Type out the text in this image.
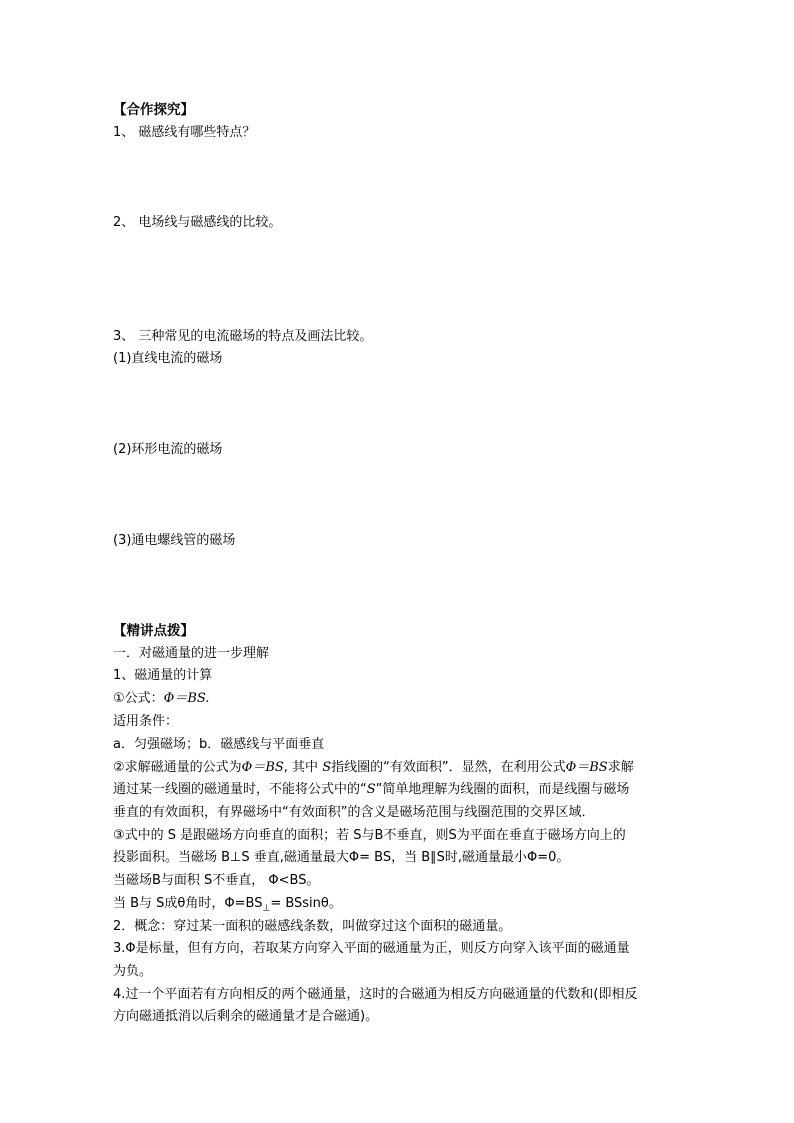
【合作探究】

1、 磁感线有哪些特点？

2、 电场线与磁感线的比较。

3、 三种常见的电流磁场的特点及画法比较。

(1)直线电流的磁场

(2)环形电流的磁场

(3)通电螺线管的磁场

【精讲点拨】

一．对磁通量的进一步理解

1、磁通量的计算

①公式：Φ＝BS.

适用条件：

a．匀强磁场；b．磁感线与平面垂直

②求解磁通量的公式为Φ＝BS, 其中 S指线圈的“有效面积”．显然，在利用公式Φ＝BS求解

通过某一线圈的磁通量时，不能将公式中的“S”简单地理解为线圈的面积，而是线圈与磁场

垂直的有效面积，有界磁场中“有效面积”的含义是磁场范围与线圈范围的交界区域．

③式中的 S 是跟磁场方向垂直的面积；若 S与B不垂直，则S为平面在垂直于磁场方向上的

投影面积。当磁场 B⊥S 垂直,磁通量最大Φ= BS，当 B∥S时,磁通量最小Φ=0。

当磁场B与面积 S不垂直， Φ<BS。

当 B与 S成θ角时，$\Phi=BS_\perp= BSsin\theta$。

2．概念：穿过某一面积的磁感线条数，叫做穿过这个面积的磁通量。

3.Φ是标量，但有方向，若取某方向穿入平面的磁通量为正，则反方向穿入该平面的磁通量

为负。

4.过一个平面若有方向相反的两个磁通量，这时的合磁通为相反方向磁通量的代数和(即相反

方向磁通抵消以后剩余的磁通量才是合磁通)。
